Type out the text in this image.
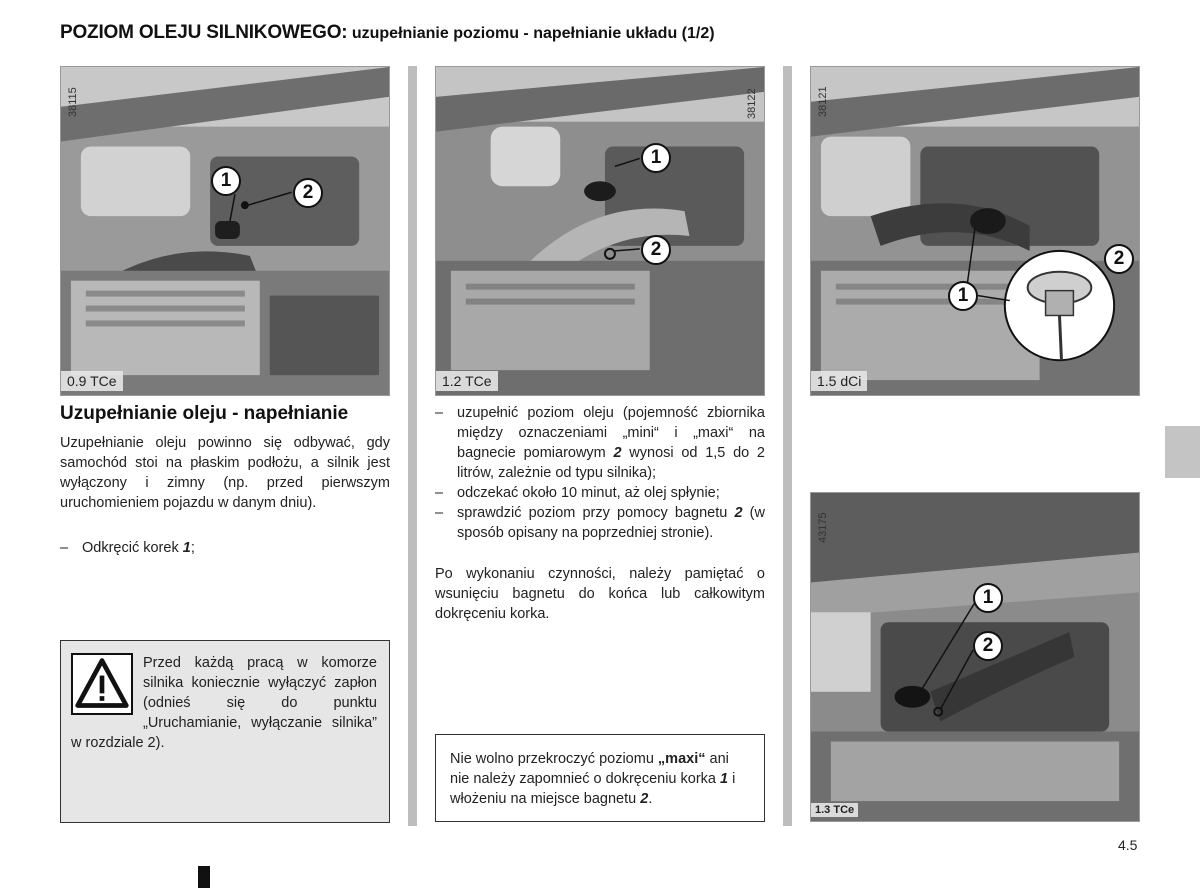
POZIOM OLEJU SILNIKOWEGO: uzupełnianie poziomu - napełnianie układu (1/2)
38115
1
2
0.9 TCe
38122
1
2
1.2 TCe
38121
1
2
1.5 dCi
43175
1
2
1.3 TCe
Uzupełnianie oleju - napełnianie

Uzupełnianie oleju powinno się odbywać, gdy samochód stoi na płaskim podłożu, a silnik jest wyłączony i zimny (np. przed pierwszym uruchomieniem pojazdu w danym dniu).

– Odkręcić korek 1;
Przed każdą pracą w komorze silnika koniecznie wyłączyć zapłon (odnieś się do punktu „Uruchamianie, wyłączanie silnika” w rozdziale 2).
– uzupełnić poziom oleju (pojemność zbiornika między oznaczeniami „mini“ i „maxi“ na bagnecie pomiarowym 2 wynosi od 1,5 do 2 litrów, zależnie od typu silnika);
– odczekać około 10 minut, aż olej spłynie;
– sprawdzić poziom przy pomocy bagnetu 2 (w sposób opisany na poprzedniej stronie).

Po wykonaniu czynności, należy pamiętać o wsunięciu bagnetu do końca lub całkowitym dokręceniu korka.

Nie wolno przekroczyć poziomu „maxi“ ani nie należy zapomnieć o dokręceniu korka 1 i włożeniu na miejsce bagnetu 2.
4.5
